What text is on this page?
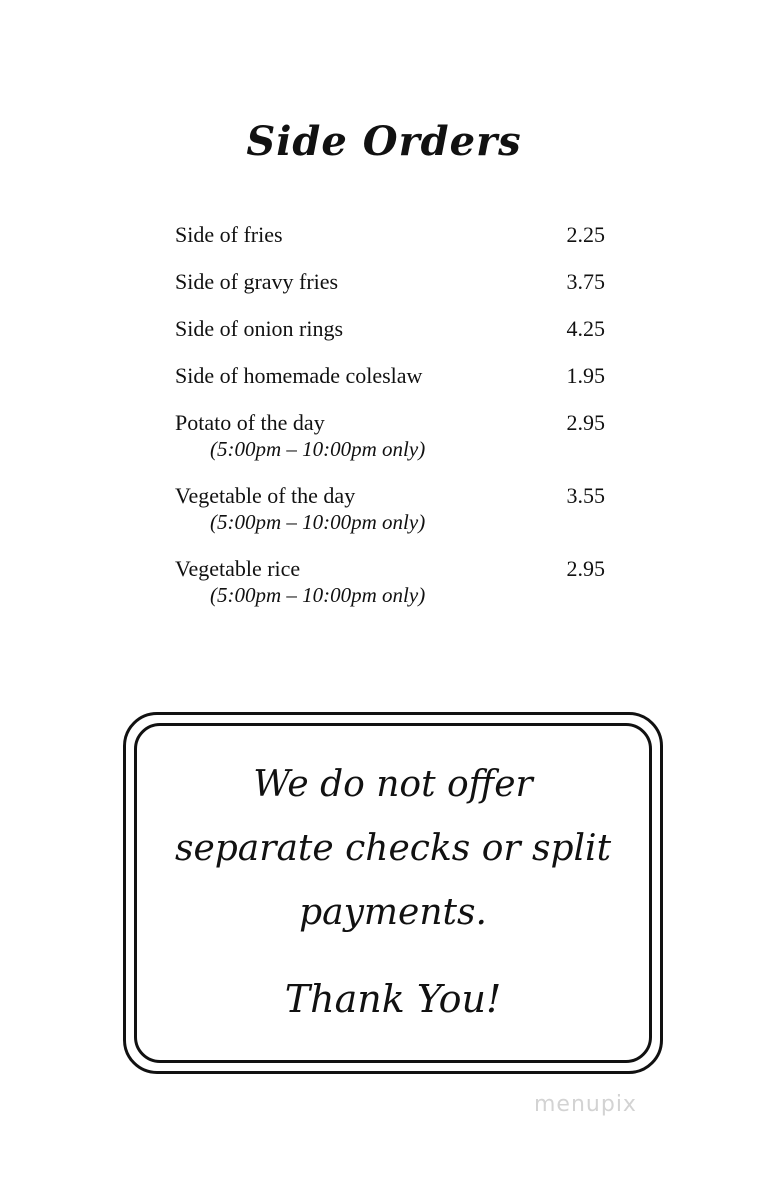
Side Orders
Side of fries	2.25
Side of gravy fries	3.75
Side of onion rings	4.25
Side of homemade coleslaw	1.95
Potato of the day	2.95
(5:00pm – 10:00pm only)
Vegetable of the day	3.55
(5:00pm – 10:00pm only)
Vegetable rice	2.95
(5:00pm – 10:00pm only)
We do not offer
separate checks or split
payments.
Thank You!
menupix
